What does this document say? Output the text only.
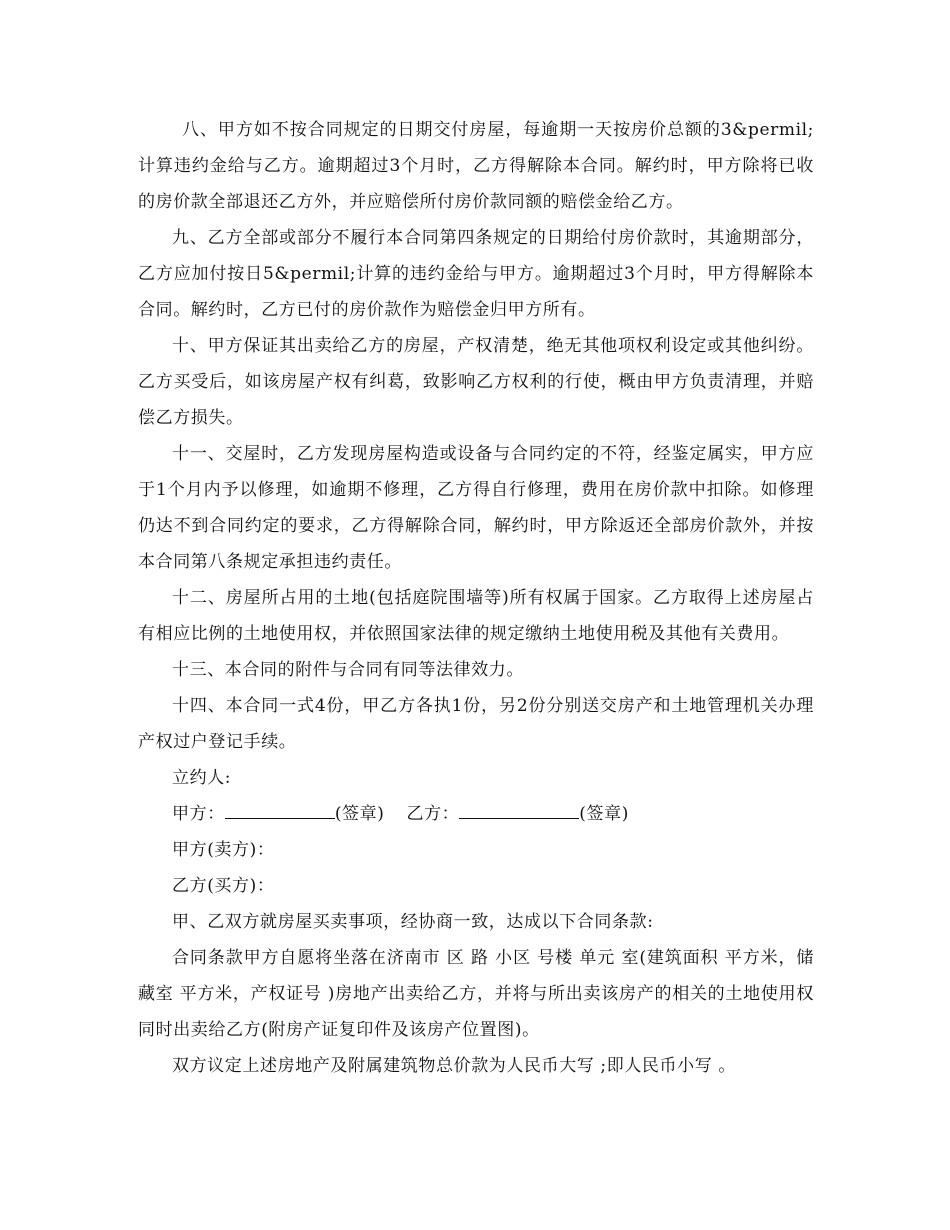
八、甲方如不按合同规定的日期交付房屋，每逾期一天按房价总额的3&permil;计算违约金给与乙方。逾期超过3个月时，乙方得解除本合同。解约时，甲方除将已收的房价款全部退还乙方外，并应赔偿所付房价款同额的赔偿金给乙方。

九、乙方全部或部分不履行本合同第四条规定的日期给付房价款时，其逾期部分，乙方应加付按日5&permil;计算的违约金给与甲方。逾期超过3个月时，甲方得解除本合同。解约时，乙方已付的房价款作为赔偿金归甲方所有。

十、甲方保证其出卖给乙方的房屋，产权清楚，绝无其他项权利设定或其他纠纷。乙方买受后，如该房屋产权有纠葛，致影响乙方权利的行使，概由甲方负责清理，并赔偿乙方损失。

十一、交屋时，乙方发现房屋构造或设备与合同约定的不符，经鉴定属实，甲方应于1个月内予以修理，如逾期不修理，乙方得自行修理，费用在房价款中扣除。如修理仍达不到合同约定的要求，乙方得解除合同，解约时，甲方除返还全部房价款外，并按本合同第八条规定承担违约责任。

十二、房屋所占用的土地(包括庭院围墙等)所有权属于国家。乙方取得上述房屋占有相应比例的土地使用权，并依照国家法律的规定缴纳土地使用税及其他有关费用。

十三、本合同的附件与合同有同等法律效力。

十四、本合同一式4份，甲乙方各执1份，另2份分别送交房产和土地管理机关办理产权过户登记手续。

立约人:

甲方：	(签章) 乙方：	(签章)

甲方(卖方)：

乙方(买方)：

甲、乙双方就房屋买卖事项，经协商一致，达成以下合同条款:

合同条款甲方自愿将坐落在济南市 区 路 小区 号楼 单元 室(建筑面积 平方米，储藏室 平方米，产权证号 )房地产出卖给乙方，并将与所出卖该房产的相关的土地使用权同时出卖给乙方(附房产证复印件及该房产位置图)。

双方议定上述房地产及附属建筑物总价款为人民币大写 ;即人民币小写 。
